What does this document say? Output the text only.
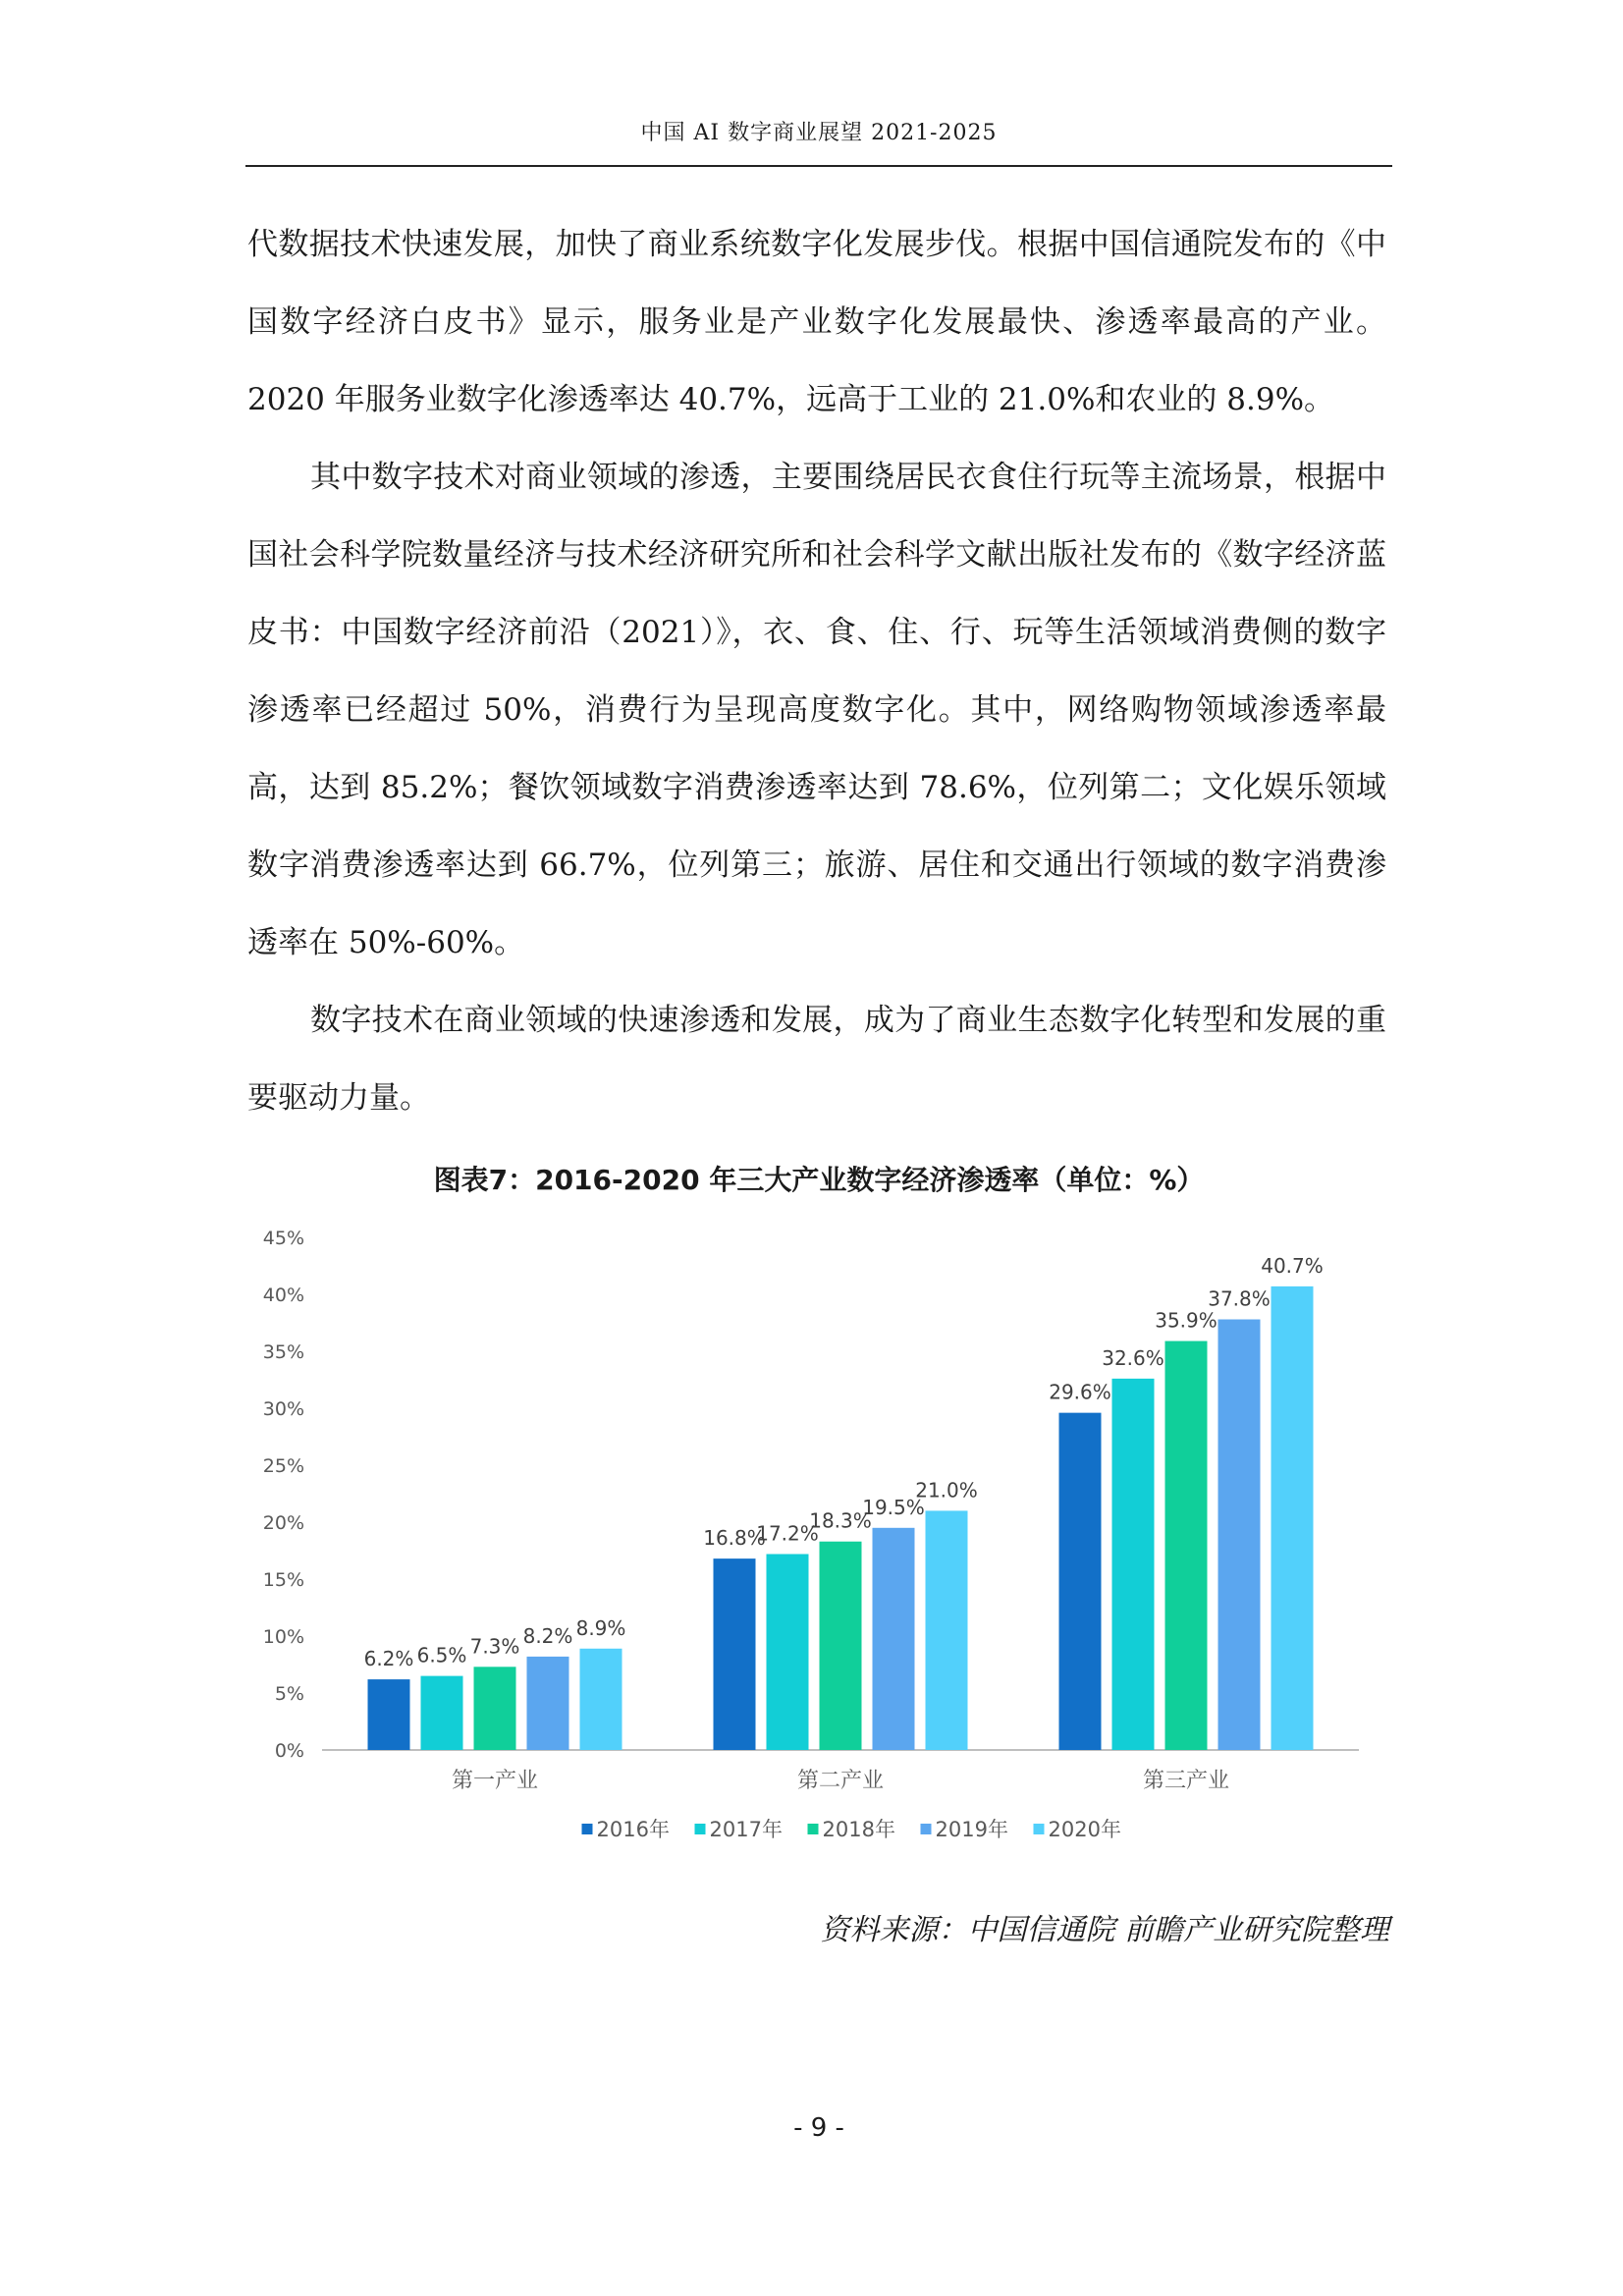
中国 AI 数字商业展望 2021-2025

代数据技术快速发展，加快了商业系统数字化发展步伐。根据中国信通院发布的《中国数字经济白皮书》显示，服务业是产业数字化发展最快、渗透率最高的产业。2020 年服务业数字化渗透率达 40.7%，远高于工业的 21.0%和农业的 8.9%。

其中数字技术对商业领域的渗透，主要围绕居民衣食住行玩等主流场景，根据中国社会科学院数量经济与技术经济研究所和社会科学文献出版社发布的《数字经济蓝皮书：中国数字经济前沿（2021）》，衣、食、住、行、玩等生活领域消费侧的数字渗透率已经超过 50%，消费行为呈现高度数字化。其中，网络购物领域渗透率最高，达到 85.2%；餐饮领域数字消费渗透率达到 78.6%，位列第二；文化娱乐领域数字消费渗透率达到 66.7%，位列第三；旅游、居住和交通出行领域的数字消费渗透率在 50%-60%。

数字技术在商业领域的快速渗透和发展，成为了商业生态数字化转型和发展的重要驱动力量。

图表7：2016-2020 年三大产业数字经济渗透率（单位：%）
0%
5%
10%
15%
20%
25%
30%
35%
40%
45%
6.2% 6.5% 7.3% 8.2% 8.9%
第一产业
16.8%
17.2%
18.3%
19.5%
21.0%
第二产业
29.6%
32.6%
35.9%
37.8%
40.7%
第三产业
2016年 2017年 2018年 2019年 2020年
资料来源：中国信通院 前瞻产业研究院整理
- 9 -
